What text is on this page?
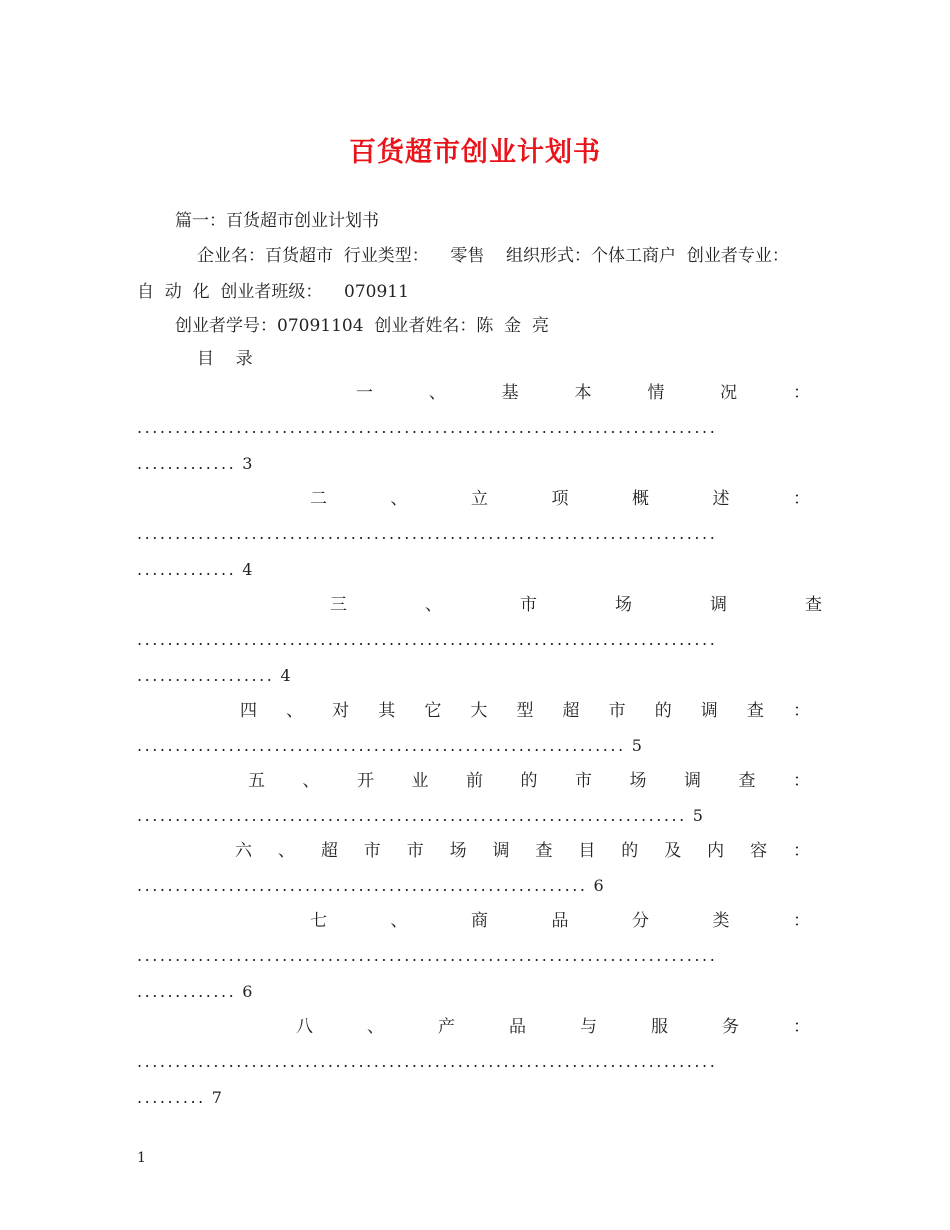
百货超市创业计划书

篇一：百货超市创业计划书

企业名：百货超市  行业类型：    零售    组织形式：个体工商户  创业者专业：

自  动  化  创业者班级：    070911

创业者学号：07091104  创业者姓名：陈  金  亮

目    录

一	、	基	本	情	况	：
............................................................................
............. 3
二	、	立	项	概	述	：
............................................................................
............. 4
三	、	市	场	调	查
............................................................................
.................. 4
四 、 对 其 它 大 型 超 市 的 调 查 ：
................................................................ 5
五 、 开 业 前 的 市 场 调 查 ：
........................................................................ 5
六 、 超 市 市 场 调 查 目 的 及 内 容 ：
........................................................... 6
七	、	商	品	分	类	：
............................................................................
............. 6
八	、	产	品	与	服	务	：
............................................................................
......... 7
1
